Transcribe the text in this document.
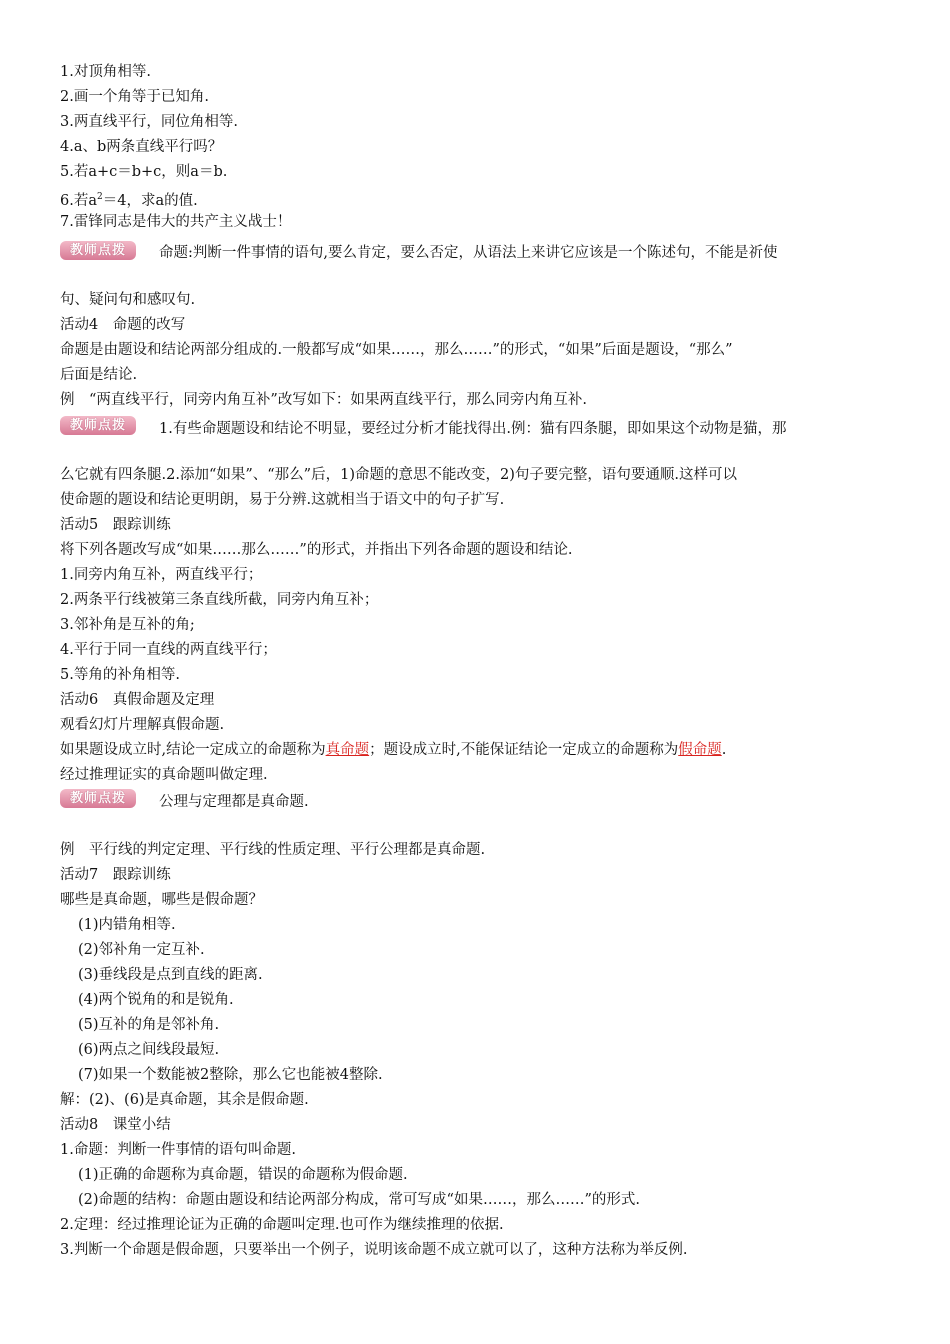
1.对顶角相等.
2.画一个角等于已知角.
3.两直线平行，同位角相等.
4.a、b两条直线平行吗？
5.若a+c＝b+c，则a＝b.
6.若$a^2=4$，求a的值.
7.雷锋同志是伟大的共产主义战士！
教师点拨	命题:判断一件事情的语句,要么肯定，要么否定，从语法上来讲它应该是一个陈述句，不能是祈使
句、疑问句和感叹句.
活动4　命题的改写
命题是由题设和结论两部分组成的.一般都写成“如果……，那么……”的形式，“如果”后面是题设，“那么”
后面是结论.
例　“两直线平行，同旁内角互补”改写如下：如果两直线平行，那么同旁内角互补.
教师点拨	1.有些命题题设和结论不明显，要经过分析才能找得出.例：猫有四条腿，即如果这个动物是猫，那
么它就有四条腿.2.添加“如果”、“那么”后，1)命题的意思不能改变，2)句子要完整，语句要通顺.这样可以
使命题的题设和结论更明朗，易于分辨.这就相当于语文中的句子扩写.
活动5　跟踪训练
将下列各题改写成“如果……那么……”的形式，并指出下列各命题的题设和结论.
1.同旁内角互补，两直线平行；
2.两条平行线被第三条直线所截，同旁内角互补；
3.邻补角是互补的角;
4.平行于同一直线的两直线平行；
5.等角的补角相等.
活动6　真假命题及定理
观看幻灯片理解真假命题.
如果题设成立时,结论一定成立的命题称为真命题；题设成立时,不能保证结论一定成立的命题称为假命题.
经过推理证实的真命题叫做定理.
教师点拨	公理与定理都是真命题.
例　平行线的判定定理、平行线的性质定理、平行公理都是真命题.
活动7　跟踪训练
哪些是真命题，哪些是假命题？
(1)内错角相等.
(2)邻补角一定互补.
(3)垂线段是点到直线的距离.
(4)两个锐角的和是锐角.
(5)互补的角是邻补角.
(6)两点之间线段最短.
(7)如果一个数能被2整除，那么它也能被4整除.
解：(2)、(6)是真命题，其余是假命题.
活动8　课堂小结
1.命题：判断一件事情的语句叫命题.
(1)正确的命题称为真命题，错误的命题称为假命题.
(2)命题的结构：命题由题设和结论两部分构成，常可写成“如果……，那么……”的形式.
2.定理：经过推理论证为正确的命题叫定理.也可作为继续推理的依据.
3.判断一个命题是假命题，只要举出一个例子，说明该命题不成立就可以了，这种方法称为举反例.
